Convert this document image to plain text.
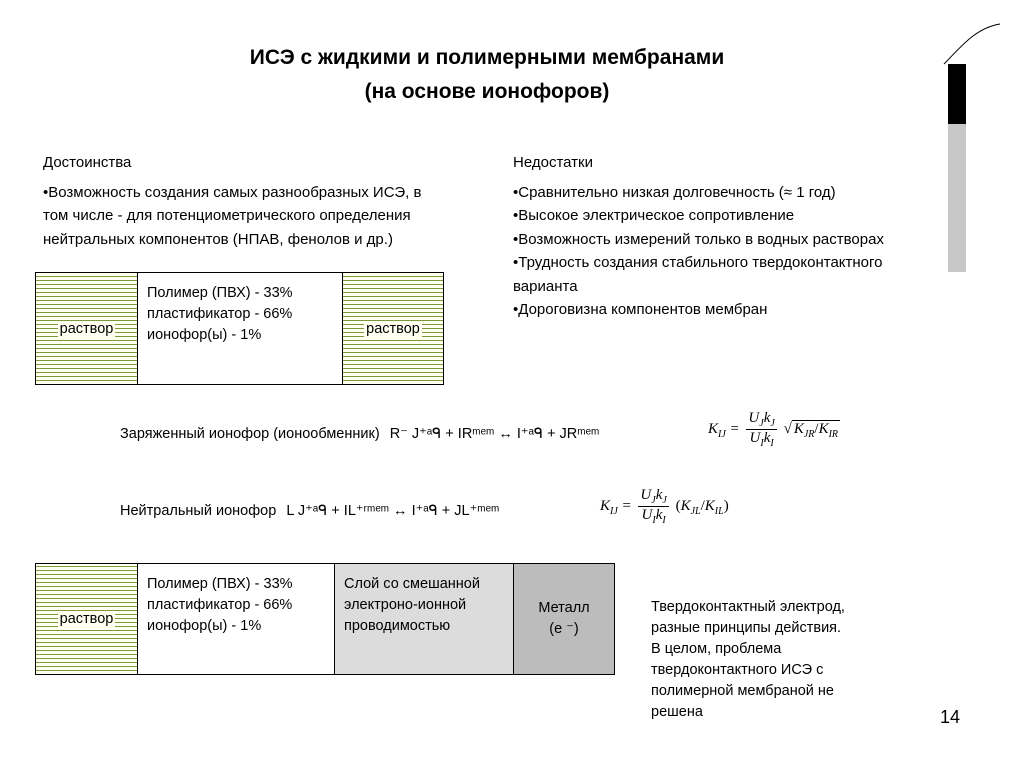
ИСЭ с жидкими и полимерными мембранами
(на основе ионофоров)
Достоинства
•Возможность создания самых разнообразных ИСЭ, в
том числе - для потенциометрического определения
нейтральных компонентов (НПАВ, фенолов и др.)
Недостатки
•Сравнительно низкая долговечность (≈ 1 год)
•Высокое электрическое сопротивление
•Возможность измерений только в водных растворах
•Трудность создания стабильного твердоконтактного
варианта
•Дороговизна компонентов мембран
раствор
Полимер (ПВХ) - 33%
пластификатор - 66%
ионофор(ы) - 1%	раствор
Заряженный ионофор (ионообменник) R⁻ J⁺ᵃᑫ + IRᵐᵉᵐ ↔ I⁺ᵃᑫ + JRᵐᵉᵐ	$K_{IJ} = \frac{U_Jk_J}{U_Ik_I}$ √ $K_{JR}/K_{IR}$
Нейтральный ионофор L J⁺ᵃᑫ + IL⁺ʳᵐᵉᵐ ↔ I⁺ᵃᑫ + JL⁺ᵐᵉᵐ	$K_{IJ} = \frac{U_Jk_J}{U_Ik_I} (K_{JL}/K_{IL})$
раствор
Полимер (ПВХ) - 33%
пластификатор - 66%
ионофор(ы) - 1%
Слой со смешанной
электроно-ионной
проводимостью
Металл
(е ⁻)
Твердоконтактный электрод,
разные принципы действия.
В целом, проблема
твердоконтактного ИСЭ с
полимерной мембраной не
решена	14
